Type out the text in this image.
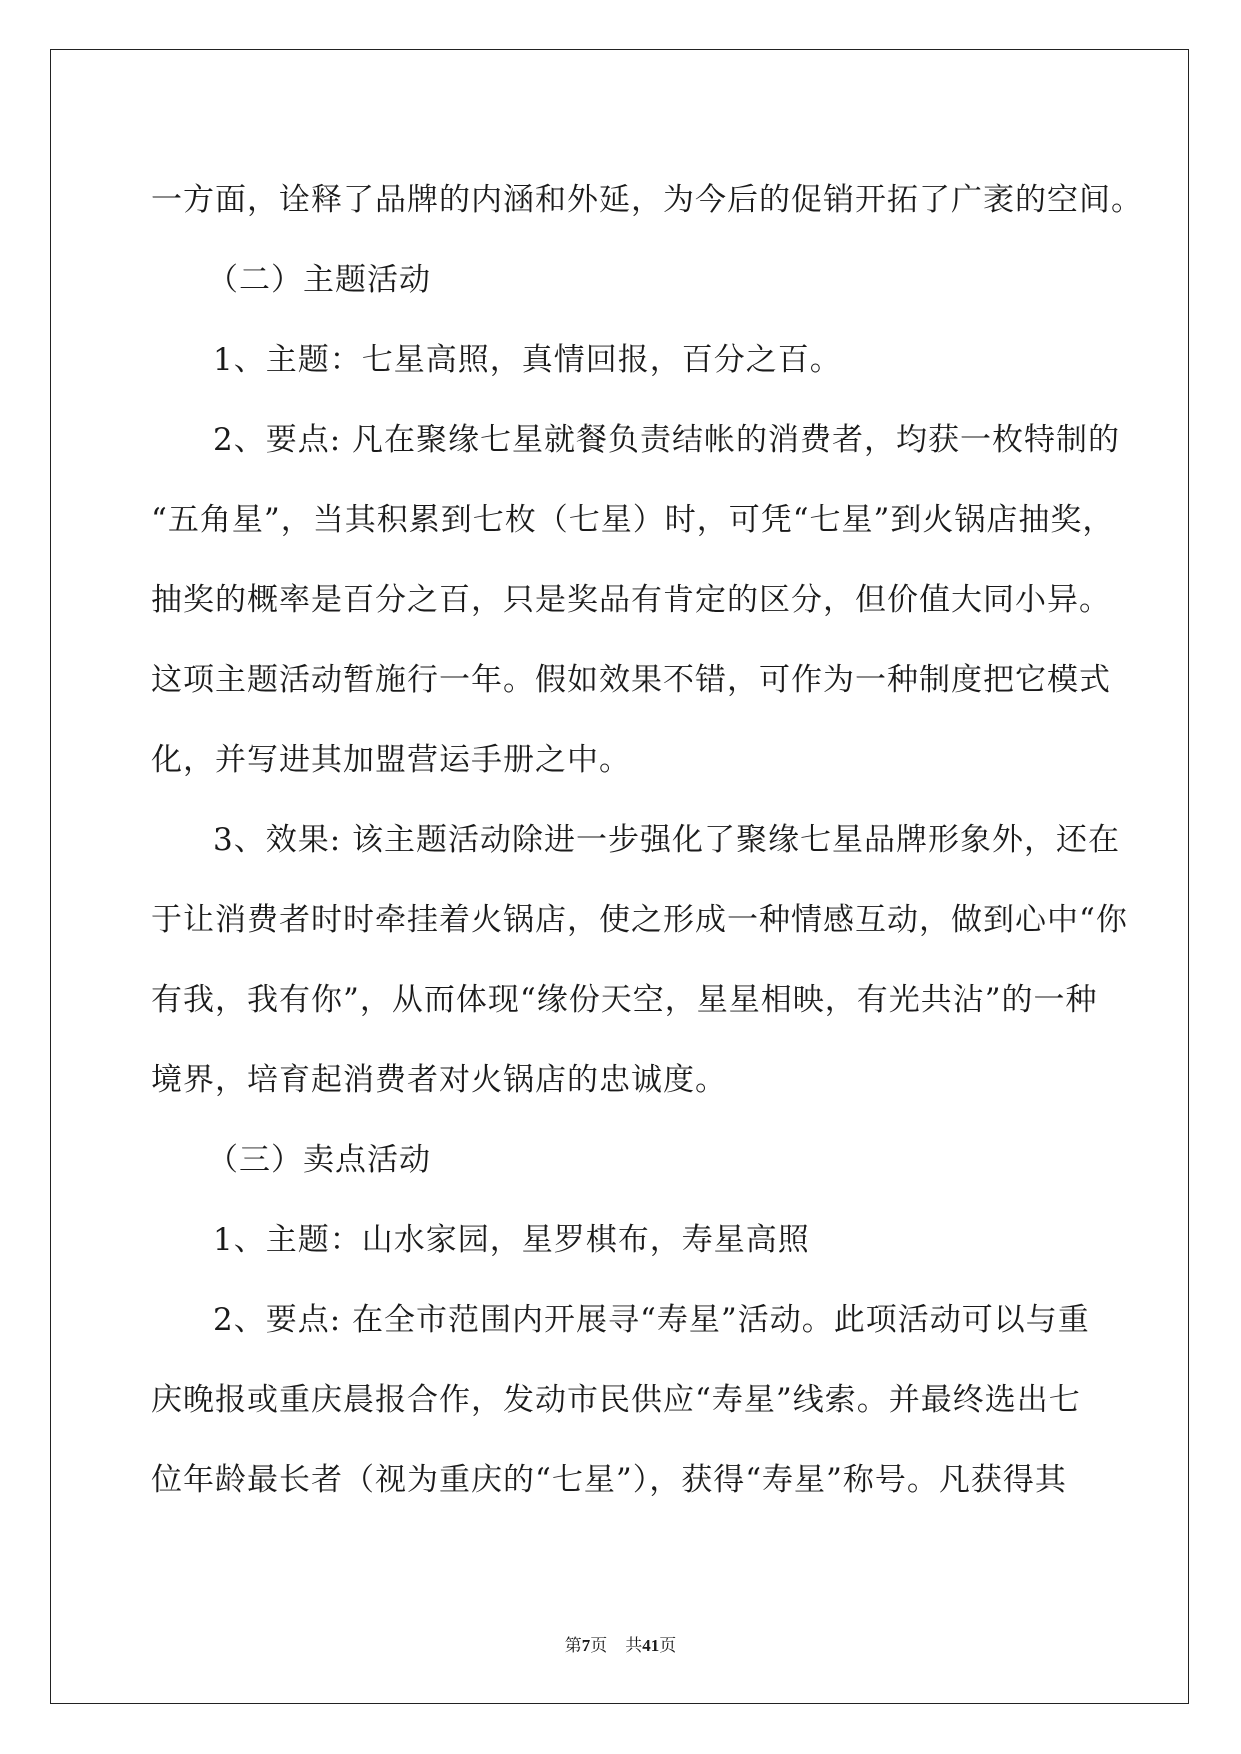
一方面，诠释了品牌的内涵和外延，为今后的促销开拓了广袤的空间。
（二）主题活动
1、主题：七星高照，真情回报，百分之百。
2、要点: 凡在聚缘七星就餐负责结帐的消费者，均获一枚特制的
“五角星”，当其积累到七枚（七星）时，可凭“七星”到火锅店抽奖，
抽奖的概率是百分之百，只是奖品有肯定的区分，但价值大同小异。
这项主题活动暂施行一年。假如效果不错，可作为一种制度把它模式
化，并写进其加盟营运手册之中。
3、效果: 该主题活动除进一步强化了聚缘七星品牌形象外，还在
于让消费者时时牵挂着火锅店，使之形成一种情感互动，做到心中“你
有我，我有你”，从而体现“缘份天空，星星相映，有光共沾”的一种
境界，培育起消费者对火锅店的忠诚度。
（三）卖点活动
1、主题：山水家园，星罗棋布，寿星高照
2、要点: 在全市范围内开展寻“寿星”活动。此项活动可以与重
庆晚报或重庆晨报合作，发动市民供应“寿星”线索。并最终选出七
位年龄最长者（视为重庆的“七星”），获得“寿星”称号。凡获得其
第7页 共41页
